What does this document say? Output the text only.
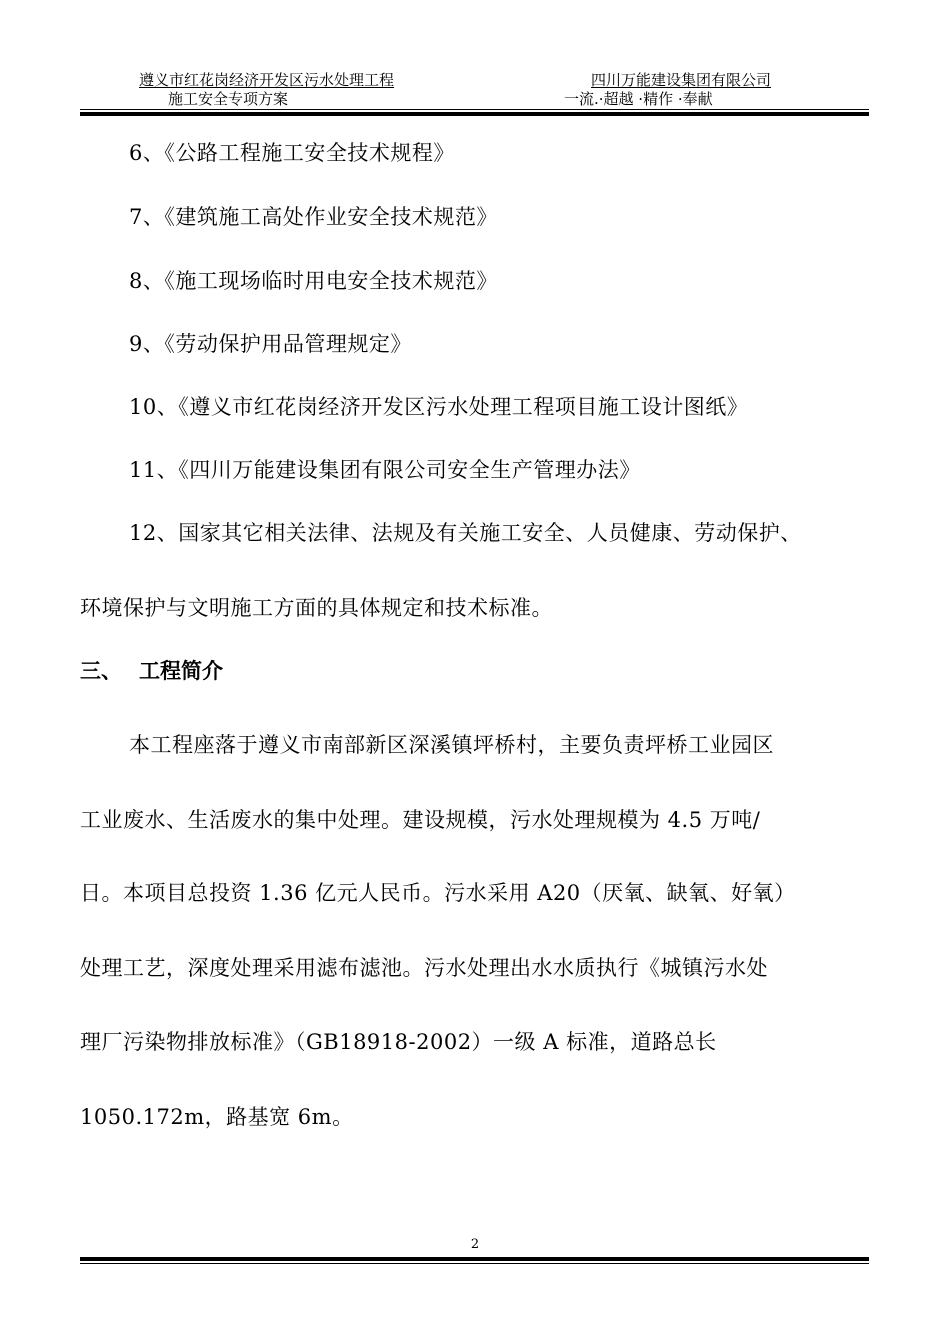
遵义市红花岗经济开发区污水处理工程
施工安全专项方案
四川万能建设集团有限公司
一流.·超越 ·精作 ·奉献
6、《公路工程施工安全技术规程》
7、《建筑施工高处作业安全技术规范》
8、《施工现场临时用电安全技术规范》
9、《劳动保护用品管理规定》
10、《遵义市红花岗经济开发区污水处理工程项目施工设计图纸》
11、《四川万能建设集团有限公司安全生产管理办法》
12、国家其它相关法律、法规及有关施工安全、人员健康、劳动保护、
环境保护与文明施工方面的具体规定和技术标准。
三、 工程简介
本工程座落于遵义市南部新区深溪镇坪桥村，主要负责坪桥工业园区
工业废水、生活废水的集中处理。建设规模，污水处理规模为 4.5 万吨/
日。本项目总投资 1.36 亿元人民币。污水采用 A20（厌氧、缺氧、好氧）
处理工艺，深度处理采用滤布滤池。污水处理出水水质执行《城镇污水处
理厂污染物排放标准》（GB18918-2002）一级 A 标准，道路总长
1050.172m，路基宽 6m。
2
